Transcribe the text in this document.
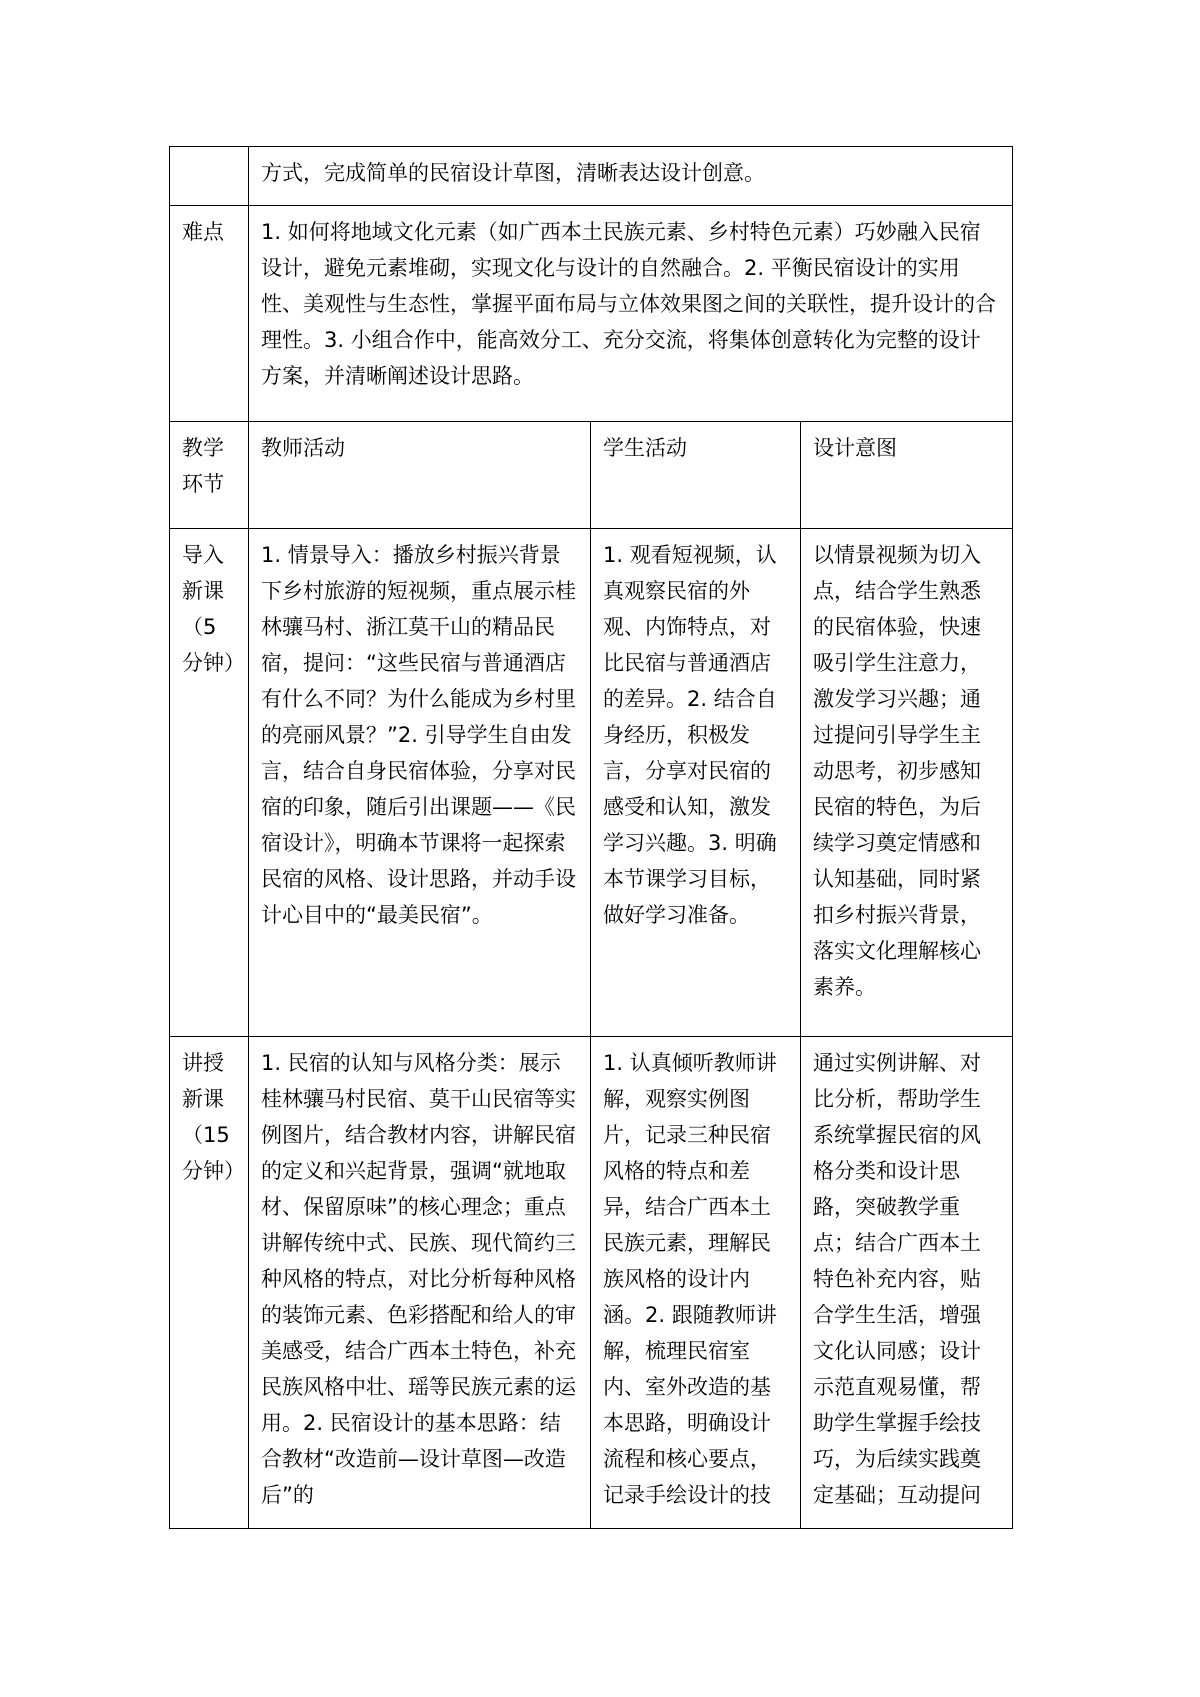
	方式，完成简单的民宿设计草图，清晰表达设计创意。		
难点	1. 如何将地域文化元素（如广西本土民族元素、乡村特色元素）巧妙融入民宿设计，避免元素堆砌，实现文化与设计的自然融合。2. 平衡民宿设计的实用性、美观性与生态性，掌握平面布局与立体效果图之间的关联性，提升设计的合理性。3. 小组合作中，能高效分工、充分交流，将集体创意转化为完整的设计方案，并清晰阐述设计思路。		
教学环节	教师活动	学生活动	设计意图
导入新课（5分钟）	1. 情景导入：播放乡村振兴背景下乡村旅游的短视频，重点展示桂林骧马村、浙江莫干山的精品民宿，提问：“这些民宿与普通酒店有什么不同？为什么能成为乡村里的亮丽风景？”2. 引导学生自由发言，结合自身民宿体验，分享对民宿的印象，随后引出课题——《民宿设计》，明确本节课将一起探索民宿的风格、设计思路，并动手设计心目中的“最美民宿”。	1. 观看短视频，认真观察民宿的外观、内饰特点，对比民宿与普通酒店的差异。2. 结合自身经历，积极发言，分享对民宿的感受和认知，激发学习兴趣。3. 明确本节课学习目标，做好学习准备。	以情景视频为切入点，结合学生熟悉的民宿体验，快速吸引学生注意力，激发学习兴趣；通过提问引导学生主动思考，初步感知民宿的特色，为后续学习奠定情感和认知基础，同时紧扣乡村振兴背景，落实文化理解核心素养。
讲授新课（15分钟）	1. 民宿的认知与风格分类：展示桂林骧马村民宿、莫干山民宿等实例图片，结合教材内容，讲解民宿的定义和兴起背景，强调“就地取材、保留原味”的核心理念；重点讲解传统中式、民族、现代简约三种风格的特点，对比分析每种风格的装饰元素、色彩搭配和给人的审美感受，结合广西本土特色，补充民族风格中壮、瑶等民族元素的运用。2. 民宿设计的基本思路：结合教材“改造前—设计草图—改造后”的	1. 认真倾听教师讲解，观察实例图片，记录三种民宿风格的特点和差异，结合广西本土民族元素，理解民族风格的设计内涵。2. 跟随教师讲解，梳理民宿室内、室外改造的基本思路，明确设计流程和核心要点，记录手绘设计的技	通过实例讲解、对比分析，帮助学生系统掌握民宿的风格分类和设计思路，突破教学重点；结合广西本土特色补充内容，贴合学生生活，增强文化认同感；设计示范直观易懂，帮助学生掌握手绘技巧，为后续实践奠定基础；互动提问
